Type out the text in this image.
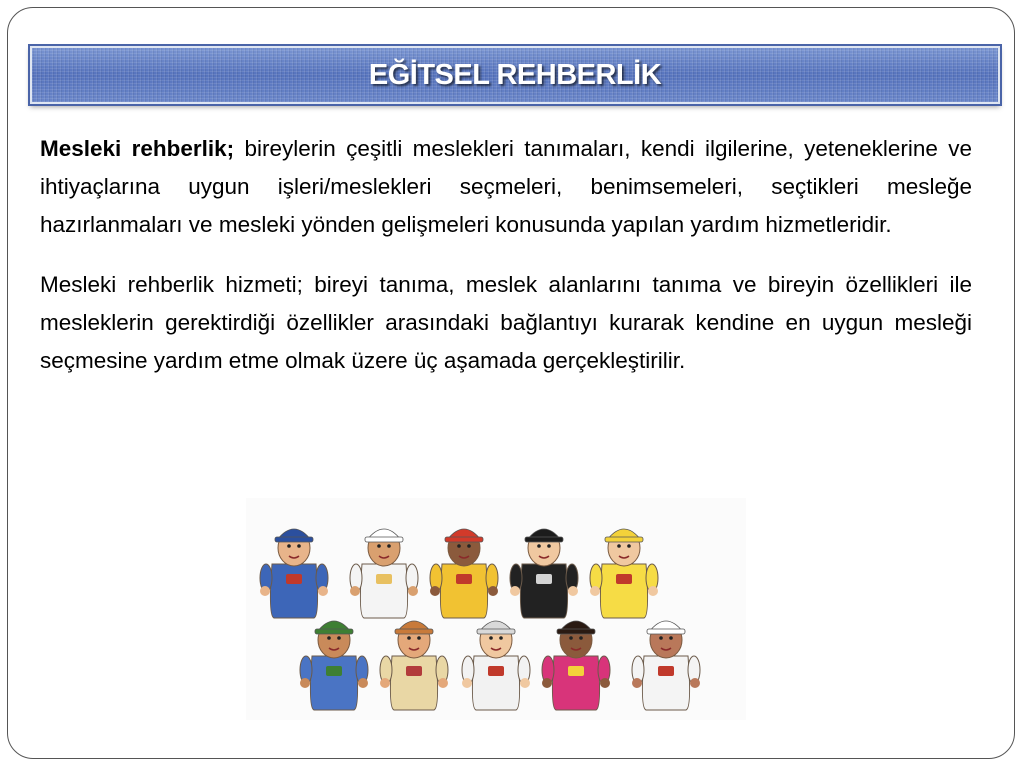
EĞİTSEL REHBERLİK

Mesleki rehberlik; bireylerin çeşitli meslekleri tanımaları, kendi ilgilerine, yeteneklerine ve ihtiyaçlarına uygun işleri/meslekleri seçmeleri, benimsemeleri, seçtikleri mesleğe hazırlanmaları ve mesleki yönden gelişmeleri konusunda yapılan yardım hizmetleridir.

Mesleki rehberlik hizmeti; bireyi tanıma, meslek alanlarını tanıma ve bireyin özellikleri ile mesleklerin gerektirdiği özellikler arasındaki bağlantıyı kurarak kendine en uygun mesleği seçmesine yardım etme olmak üzere üç aşamada gerçekleştirilir.
